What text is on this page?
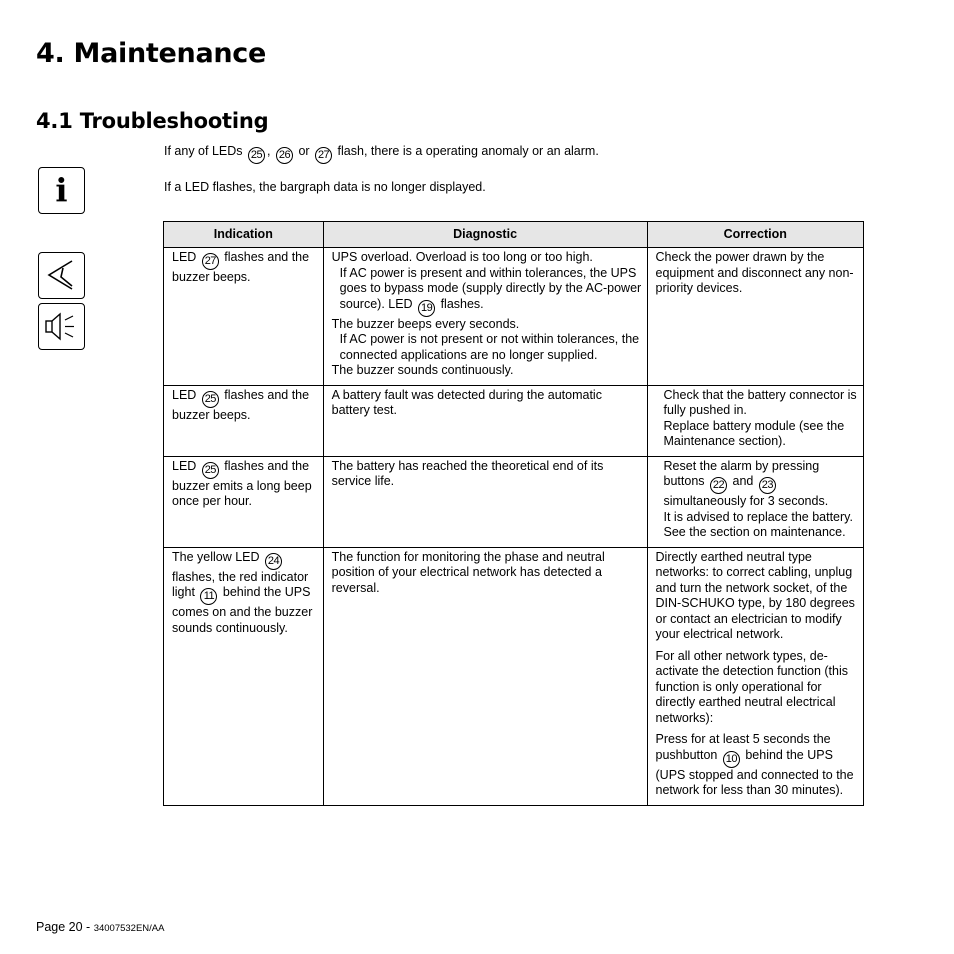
4. Maintenance
4.1 Troubleshooting
If any of LEDs 25 , 26 or 27 flash, there is a operating anomaly or an alarm.
If a LED flashes, the bargraph data is no longer displayed.
i
Indication	Diagnostic	Correction
LED 27 flashes and the buzzer beeps.	UPS overload. Overload is too long or too high.

If AC power is present and within tolerances, the UPS goes to bypass mode (supply directly by the AC-power source). LED 19 flashes.

The buzzer beeps every seconds.

If AC power is not present or not within tolerances, the connected applications are no longer supplied.

The buzzer sounds continuously.	Check the power drawn by the equipment and disconnect any non-priority devices.

LED 25 flashes and the buzzer beeps.	A battery fault was detected during the automatic battery test.	Check that the battery connector is fully pushed in.

Replace battery module (see the Maintenance section).

LED 25 flashes and the buzzer emits a long beep once per hour.	The battery has reached the theoretical end of its service life.	Reset the alarm by pressing buttons 22 and 23 simultaneously for 3 seconds.

It is advised to replace the battery. See the section on maintenance.

The yellow LED 24 flashes, the red indicator light 11 behind the UPS comes on and the buzzer sounds continuously.	The function for monitoring the phase and neutral position of your electrical network has detected a reversal.	Directly earthed neutral type networks: to correct cabling, unplug and turn the network socket, of the DIN-SCHUKO type, by 180 degrees or contact an electrician to modify your electrical network.

For all other network types, de-activate the detection function (this function is only operational for directly earthed neutral electrical networks):

Press for at least 5 seconds the pushbutton 10 behind the UPS (UPS stopped and connected to the network for less than 30 minutes).

Page 20 - 34007532EN/AA
